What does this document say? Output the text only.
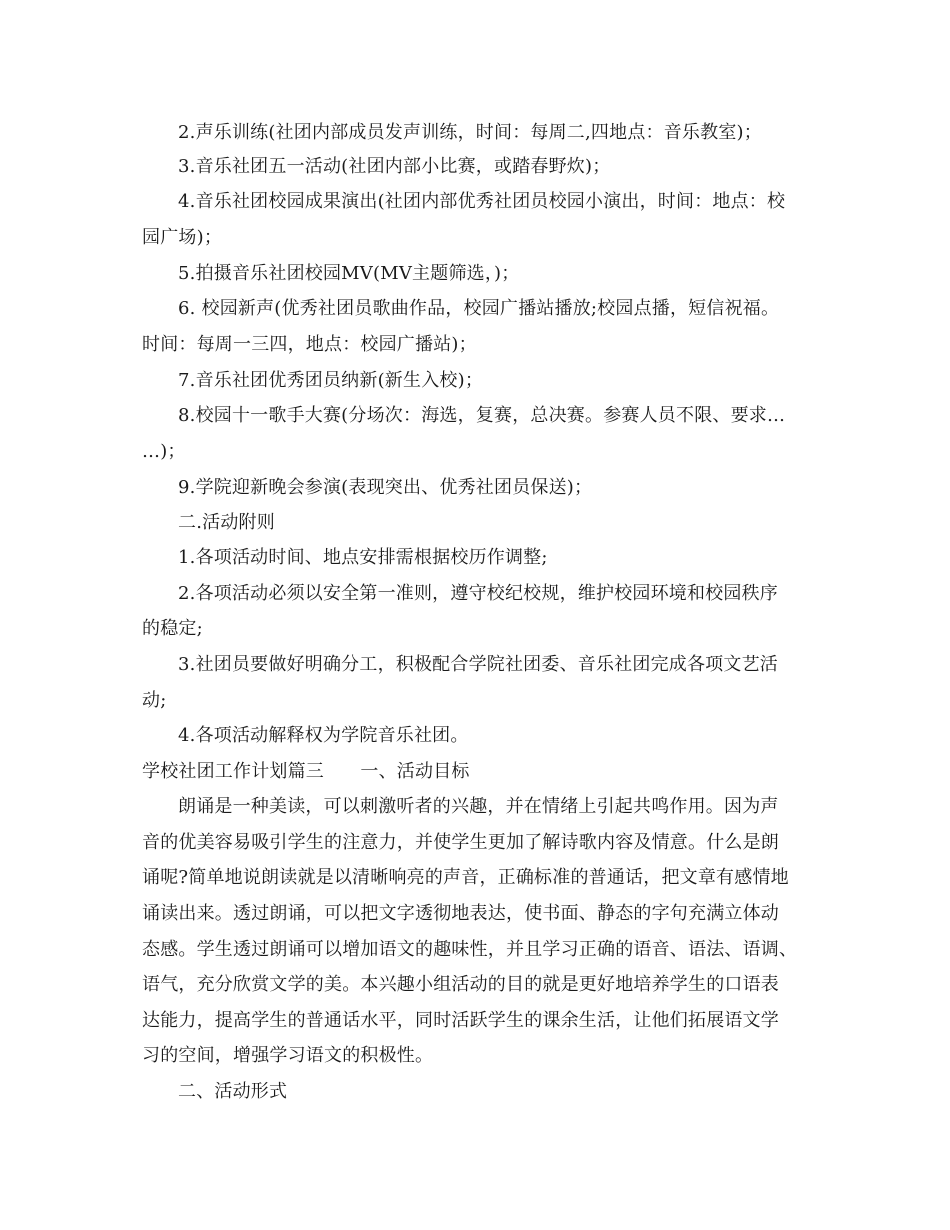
2.声乐训练(社团内部成员发声训练，时间：每周二,四地点：音乐教室)；
3.音乐社团五一活动(社团内部小比赛，或踏春野炊)；
4.音乐社团校园成果演出(社团内部优秀社团员校园小演出，时间：地点：校
园广场)；
5.拍摄音乐社团校园MV(MV主题筛选，)；
6. 校园新声(优秀社团员歌曲作品，校园广播站播放;校园点播，短信祝福。
时间：每周一三四，地点：校园广播站)；
7.音乐社团优秀团员纳新(新生入校)；
8.校园十一歌手大赛(分场次：海选，复赛，总决赛。参赛人员不限、要求…
…)；
9.学院迎新晚会参演(表现突出、优秀社团员保送)；
二.活动附则
1.各项活动时间、地点安排需根据校历作调整;
2.各项活动必须以安全第一准则，遵守校纪校规，维护校园环境和校园秩序
的稳定;
3.社团员要做好明确分工，积极配合学院社团委、音乐社团完成各项文艺活
动;
4.各项活动解释权为学院音乐社团。
学校社团工作计划篇三　　一、活动目标
朗诵是一种美读，可以刺激听者的兴趣，并在情绪上引起共鸣作用。因为声
音的优美容易吸引学生的注意力，并使学生更加了解诗歌内容及情意。什么是朗
诵呢?简单地说朗读就是以清晰响亮的声音，正确标准的普通话，把文章有感情地
诵读出来。透过朗诵，可以把文字透彻地表达，使书面、静态的字句充满立体动
态感。学生透过朗诵可以增加语文的趣味性，并且学习正确的语音、语法、语调、
语气，充分欣赏文学的美。本兴趣小组活动的目的就是更好地培养学生的口语表
达能力，提高学生的普通话水平，同时活跃学生的课余生活，让他们拓展语文学
习的空间，增强学习语文的积极性。
二、活动形式
